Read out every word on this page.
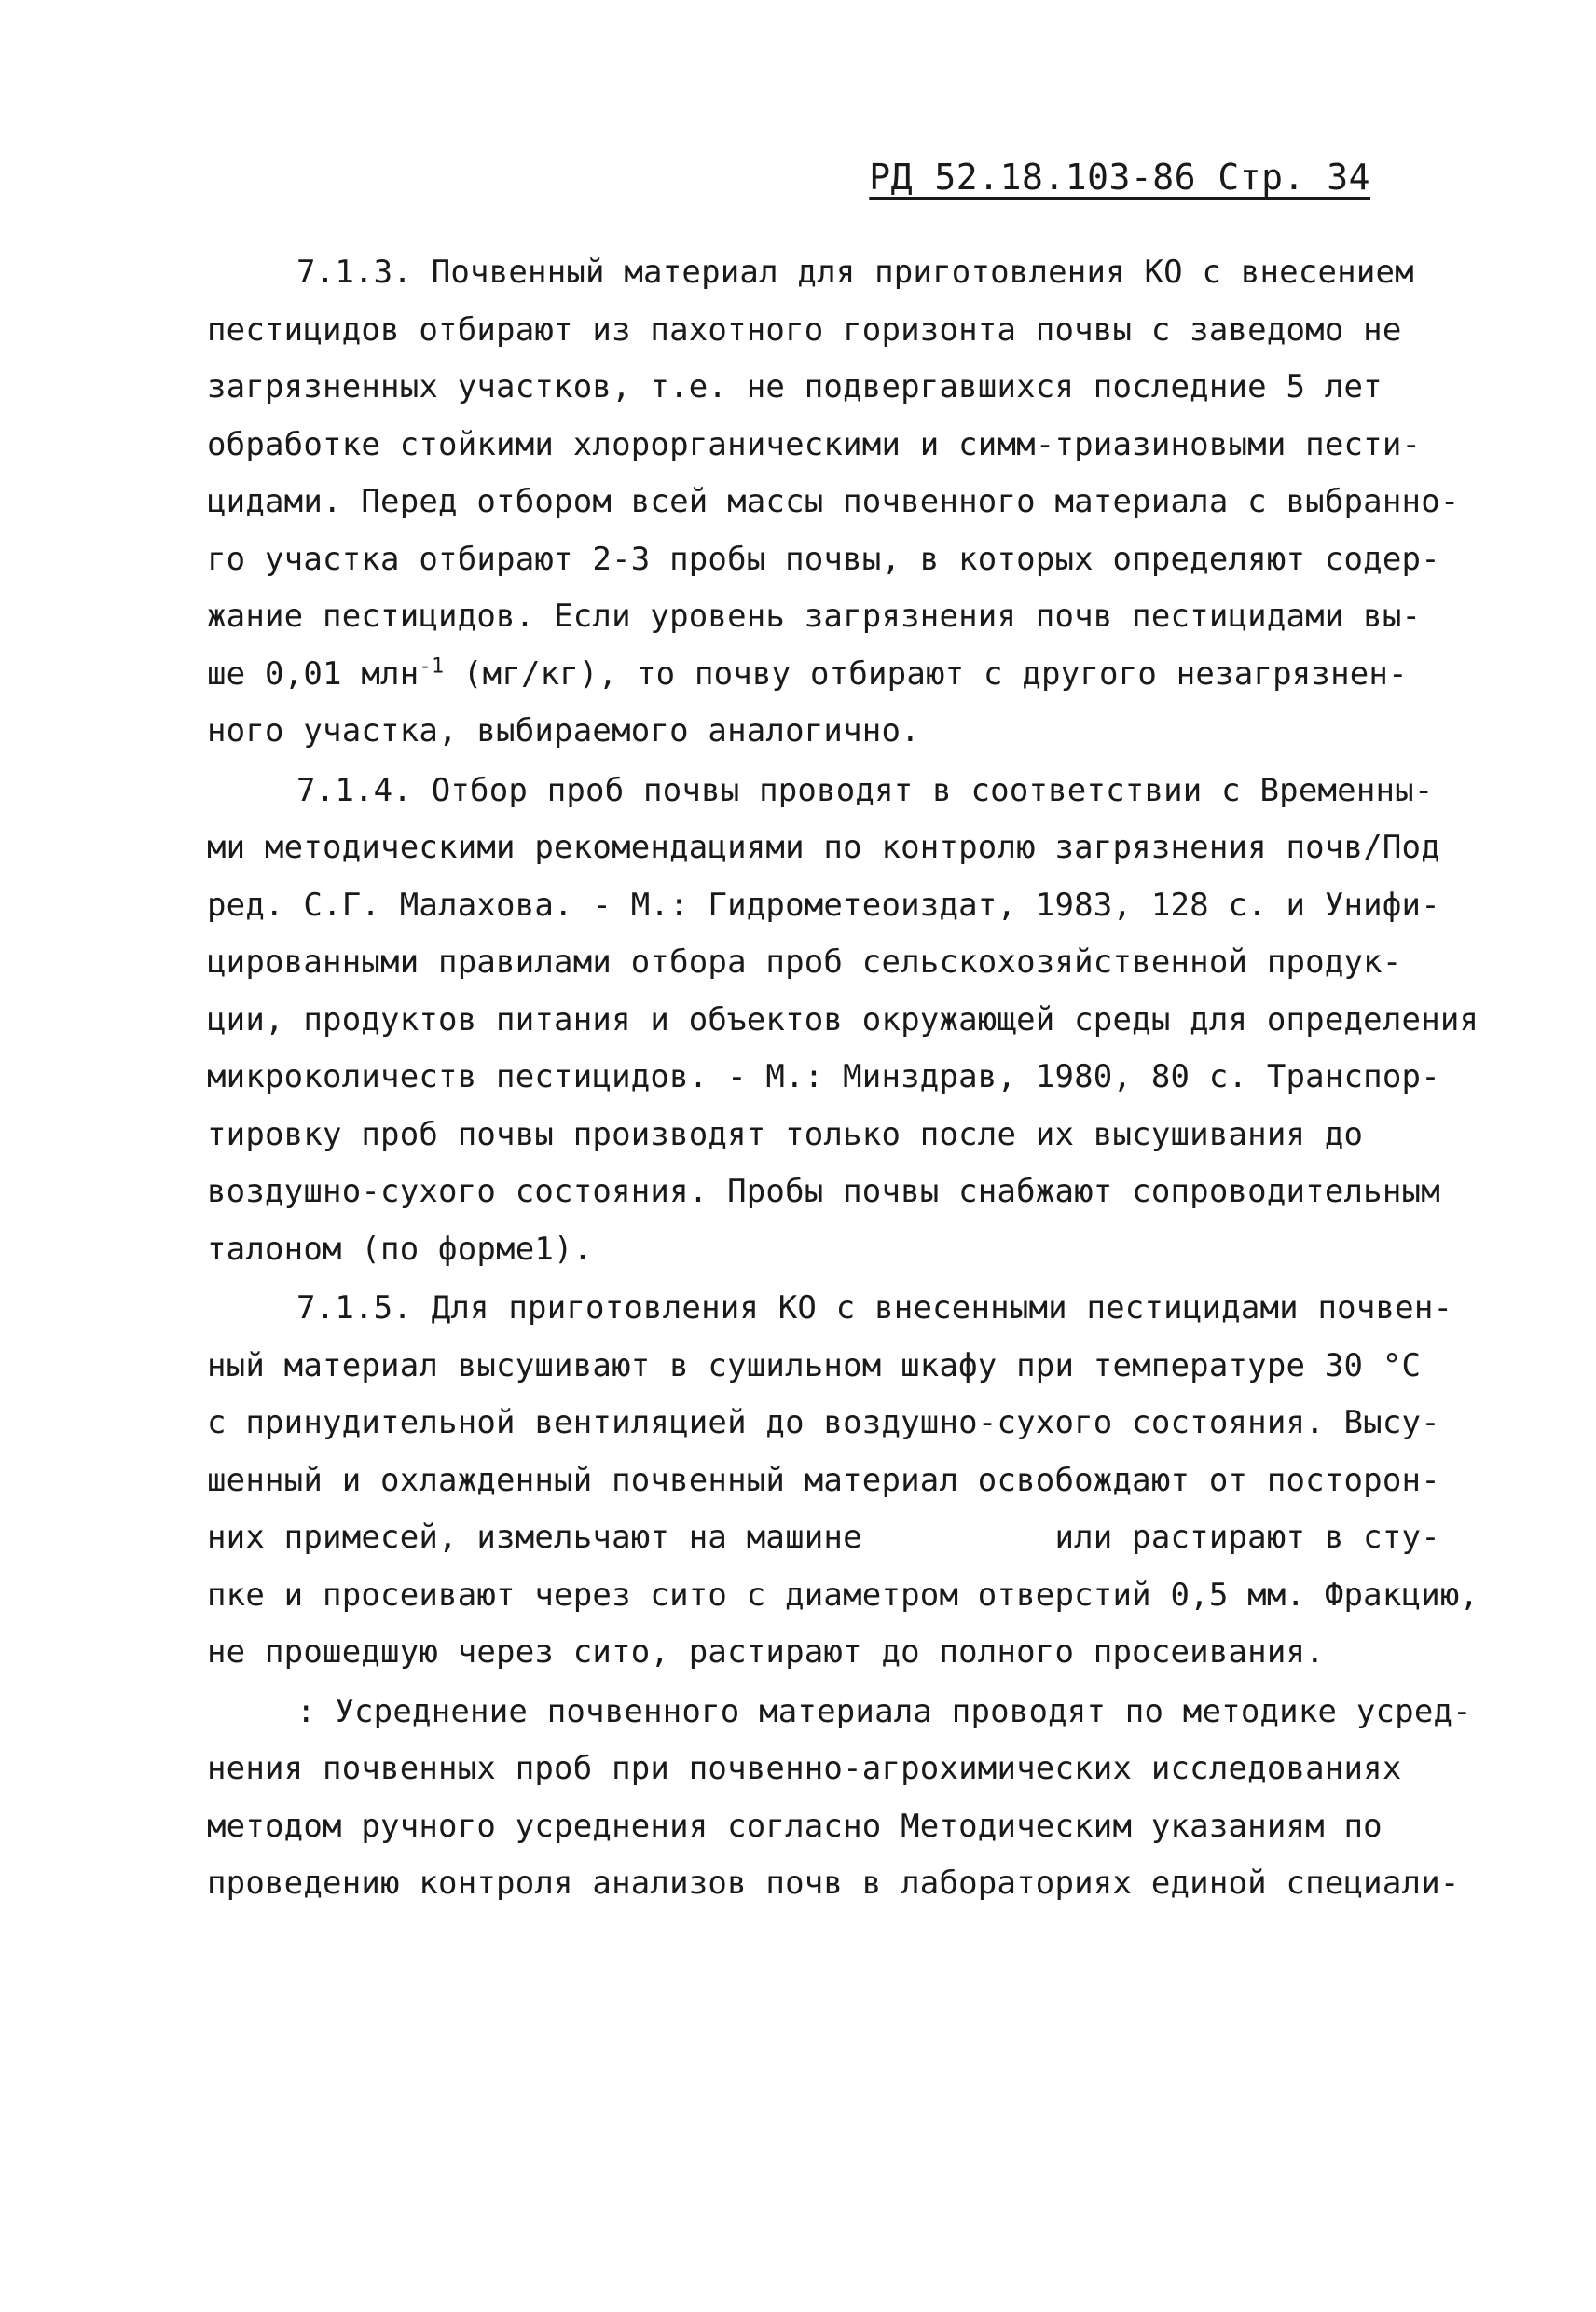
РД 52.18.103-86 Стр. 34
7.1.3. Почвенный материал для приготовления КО с внесением
пестицидов отбирают из пахотного горизонта почвы с заведомо не
загрязненных участков, т.е. не подвергавшихся последние 5 лет
обработке стойкими хлорорганическими и симм-триазиновыми пести-
цидами. Перед отбором всей массы почвенного материала с выбранно-
го участка отбирают 2-3 пробы почвы, в которых определяют содер-
жание пестицидов. Если уровень загрязнения почв пестицидами вы-
ше 0,01 млн$^{-1}$ (мг/кг), то почву отбирают с другого незагрязнен-
ного участка, выбираемого аналогично.
7.1.4. Отбор проб почвы проводят в соответствии с Временны-
ми методическими рекомендациями по контролю загрязнения почв/Под
ред. С.Г. Малахова. - М.: Гидрометеоиздат, 1983, 128 с. и Унифи-
цированными правилами отбора проб сельскохозяйственной продук-
ции, продуктов питания и объектов окружающей среды для определения
микроколичеств пестицидов. - М.: Минздрав, 1980, 80 с. Транспор-
тировку проб почвы производят только после их высушивания до
воздушно-сухого состояния. Пробы почвы снабжают сопроводительным
талоном (по форме1).
7.1.5. Для приготовления КО с внесенными пестицидами почвен-
ный материал высушивают в сушильном шкафу при температуре 30 °С
с принудительной вентиляцией до воздушно-сухого состояния. Высу-
шенный и охлажденный почвенный материал освобождают от посторон-
них примесей, измельчают на машине          или растирают в сту-
пке и просеивают через сито с диаметром отверстий 0,5 мм. Фракцию,
не прошедшую через сито, растирают до полного просеивания.
: Усреднение почвенного материала проводят по методике усред-
нения почвенных проб при почвенно-агрохимических исследованиях
методом ручного усреднения согласно Методическим указаниям по
проведению контроля анализов почв в лабораториях единой специали-
